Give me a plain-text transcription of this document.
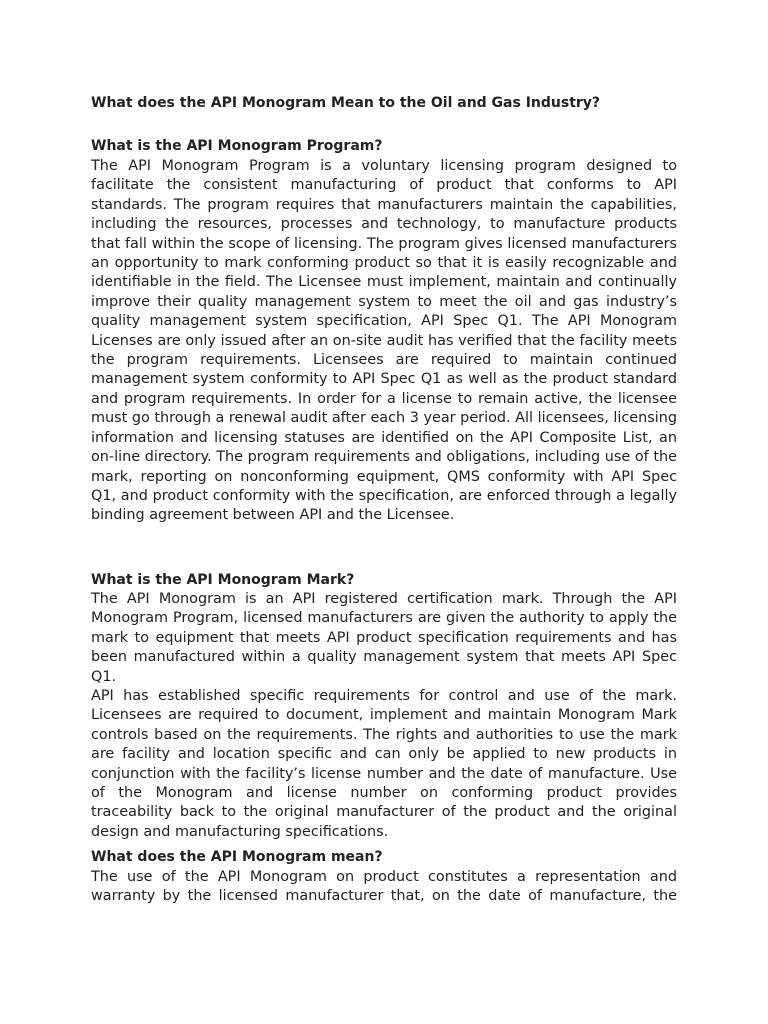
What does the API Monogram Mean to the Oil and Gas Industry?
What is the API Monogram Program?

The API Monogram Program is a voluntary licensing program designed to facilitate the consistent manufacturing of product that conforms to API standards. The program requires that manufacturers maintain the capabilities, including the resources, processes and technology, to manufacture products that fall within the scope of licensing. The program gives licensed manufacturers an opportunity to mark conforming product so that it is easily recognizable and identifiable in the field. The Licensee must implement, maintain and continually improve their quality management system to meet the oil and gas industry’s quality management system specification, API Spec Q1. The API Monogram Licenses are only issued after an on-site audit has verified that the facility meets the program requirements. Licensees are required to maintain continued management system conformity to API Spec Q1 as well as the product standard and program requirements. In order for a license to remain active, the licensee must go through a renewal audit after each 3 year period. All licensees, licensing information and licensing statuses are identified on the API Composite List, an on-line directory. The program requirements and obligations, including use of the mark, reporting on nonconforming equipment, QMS conformity with API Spec Q1, and product conformity with the specification, are enforced through a legally binding agreement between API and the Licensee.

What is the API Monogram Mark?

The API Monogram is an API registered certification mark. Through the API Monogram Program, licensed manufacturers are given the authority to apply the mark to equipment that meets API product specification requirements and has been manufactured within a quality management system that meets API Spec Q1.

API has established specific requirements for control and use of the mark. Licensees are required to document, implement and maintain Monogram Mark controls based on the requirements. The rights and authorities to use the mark are facility and location specific and can only be applied to new products in conjunction with the facility’s license number and the date of manufacture. Use of the Monogram and license number on conforming product provides traceability back to the original manufacturer of the product and the original design and manufacturing specifications.

What does the API Monogram mean?

The use of the API Monogram on product constitutes a representation and warranty by the licensed manufacturer that, on the date of manufacture, the
